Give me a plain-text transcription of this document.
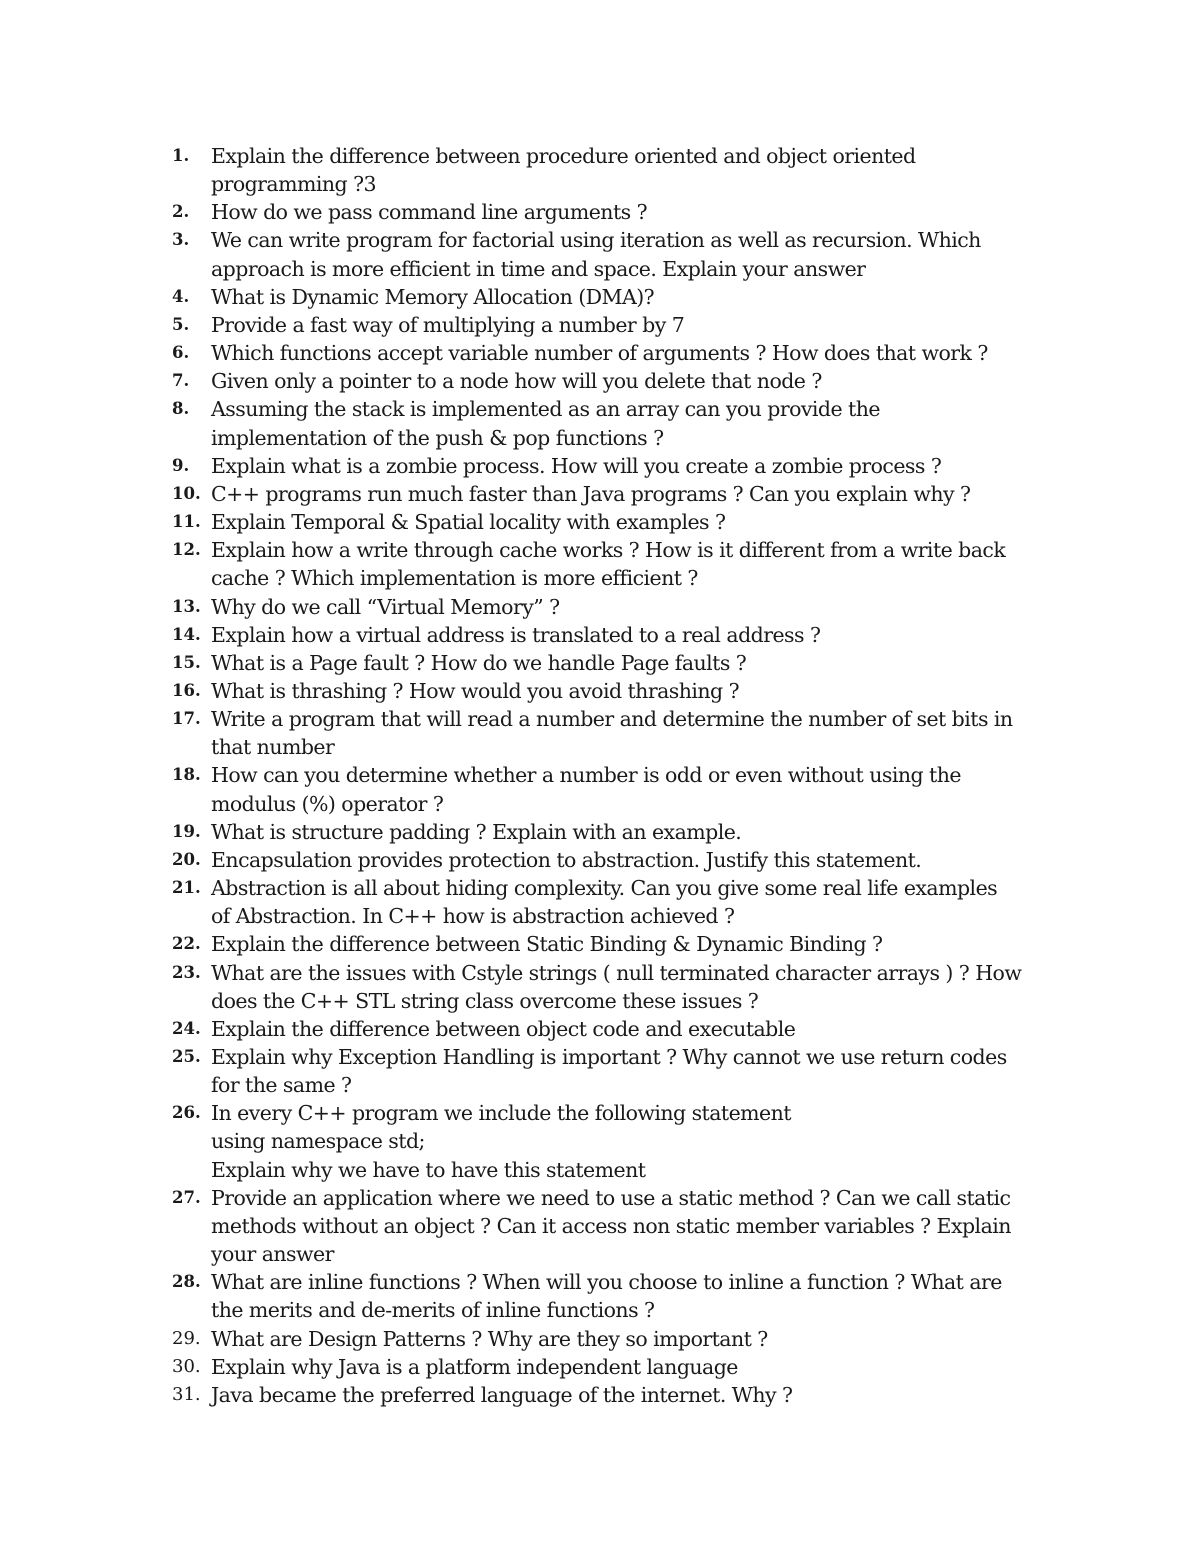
1.	Explain the difference between procedure oriented and object oriented
programming ?3
2.	How do we pass command line arguments ?
3.	We can write program for factorial using iteration as well as recursion. Which
approach is more efficient in time and space. Explain your answer
4.	What is Dynamic Memory Allocation (DMA)?
5.	Provide a fast way of multiplying a number by 7
6.	Which functions accept variable number of arguments ? How does that work ?
7.	Given only a pointer to a node how will you delete that node ?
8.	Assuming the stack is implemented as an array can you provide the
implementation of the push & pop functions ?
9.	Explain what is a zombie process. How will you create a zombie process ?
10. C++ programs run much faster than Java programs ? Can you explain why ?
11. Explain Temporal & Spatial locality with examples ?
12. Explain how a write through cache works ? How is it different from a write back
cache ? Which implementation is more efficient ?
13. Why do we call “Virtual Memory” ?
14. Explain how a virtual address is translated to a real address ?
15. What is a Page fault ? How do we handle Page faults ?
16. What is thrashing ? How would you avoid thrashing ?
17. Write a program that will read a number and determine the number of set bits in
that number
18. How can you determine whether a number is odd or even without using the
modulus (%) operator ?
19. What is structure padding ? Explain with an example.
20. Encapsulation provides protection to abstraction. Justify this statement.
21. Abstraction is all about hiding complexity. Can you give some real life examples
of Abstraction. In C++ how is abstraction achieved ?
22. Explain the difference between Static Binding & Dynamic Binding ?
23. What are the issues with Cstyle strings ( null terminated character arrays ) ? How
does the C++ STL string class overcome these issues ?
24. Explain the difference between object code and executable
25. Explain why Exception Handling is important ? Why cannot we use return codes
for the same ?
26. In every C++ program we include the following statement
using namespace std;
Explain why we have to have this statement
27. Provide an application where we need to use a static method ? Can we call static
methods without an object ? Can it access non static member variables ? Explain
your answer
28. What are inline functions ? When will you choose to inline a function ? What are
the merits and de-merits of inline functions ?
29. What are Design Patterns ? Why are they so important ?
30. Explain why Java is a platform independent language
31. Java became the preferred language of the internet. Why ?
